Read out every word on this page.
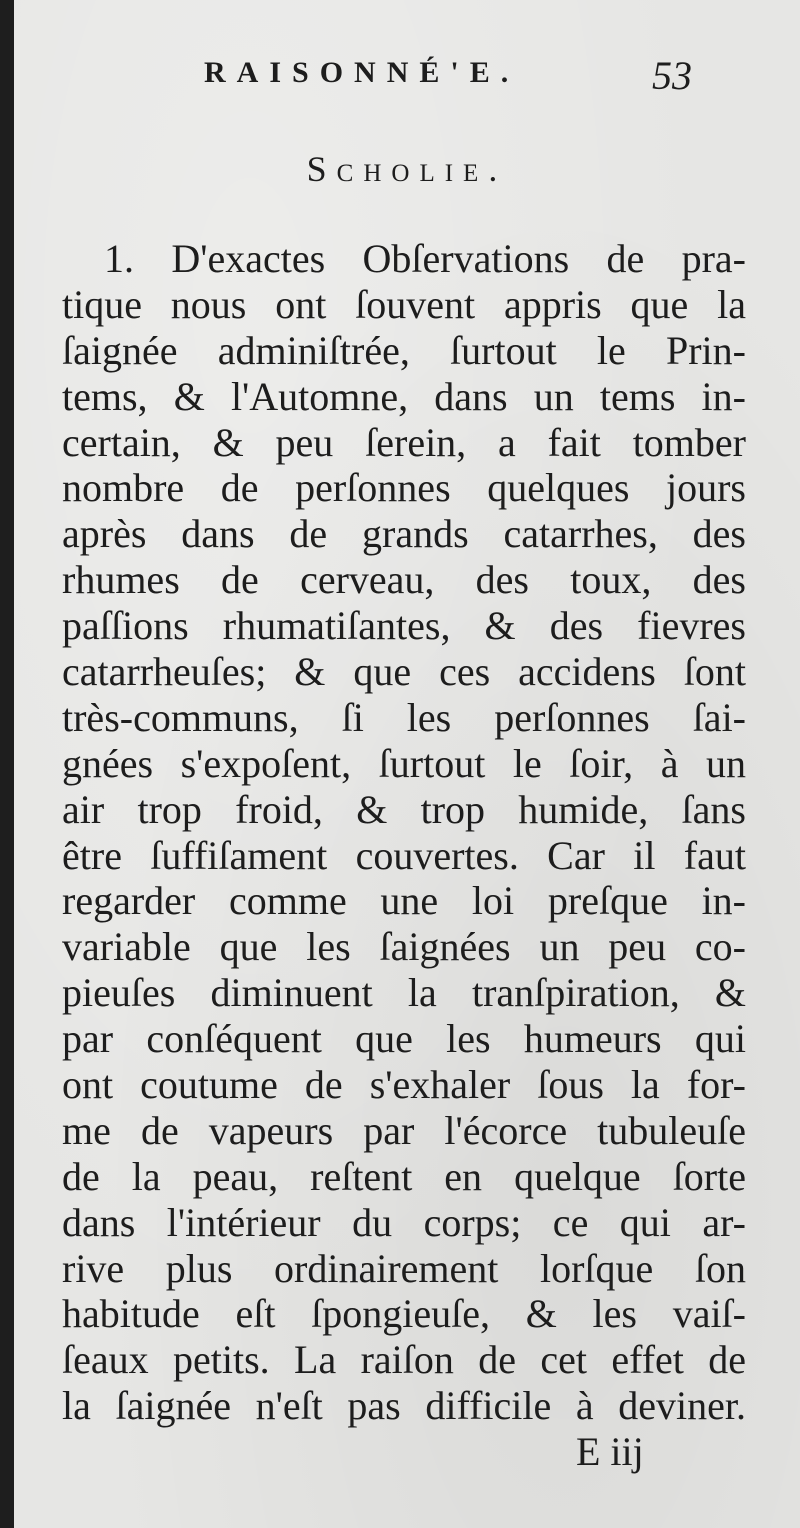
RAISONNÉ'E.	53
Scholie.
1. D'exactes Obſervations de pra-
tique nous ont ſouvent appris que la
ſaignée adminiſtrée, ſurtout le Prin-
tems, & l'Automne, dans un tems in-
certain, & peu ſerein, a fait tomber
nombre de perſonnes quelques jours
après dans de grands catarrhes, des
rhumes de cerveau, des toux, des
paſſions rhumatiſantes, & des fievres
catarrheuſes; & que ces accidens ſont
très-communs, ſi les perſonnes ſai-
gnées s'expoſent, ſurtout le ſoir, à un
air trop froid, & trop humide, ſans
être ſuffiſament couvertes. Car il faut
regarder comme une loi preſque in-
variable que les ſaignées un peu co-
pieuſes diminuent la tranſpiration, &
par conſéquent que les humeurs qui
ont coutume de s'exhaler ſous la for-
me de vapeurs par l'écorce tubuleuſe
de la peau, reſtent en quelque ſorte
dans l'intérieur du corps; ce qui ar-
rive plus ordinairement lorſque ſon
habitude eſt ſpongieuſe, & les vaiſ-
ſeaux petits. La raiſon de cet effet de
la ſaignée n'eſt pas difficile à deviner.
E iij
